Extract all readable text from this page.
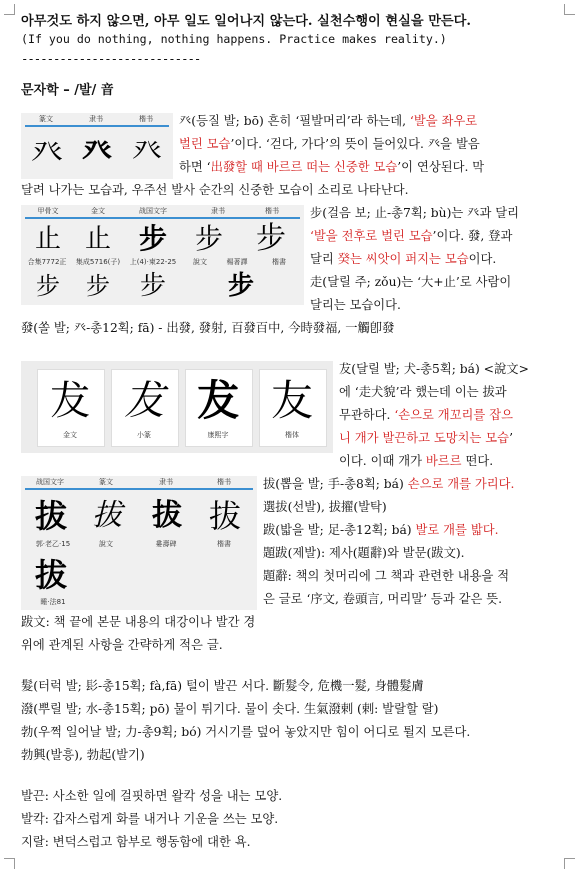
아무것도 하지 않으면, 아무 일도 일어나지 않는다. 실천수행이 현실을 만든다.
(If you do nothing, nothing happens. Practice makes reality.)
----------------------------
문자학 – /발/ 音
篆文	隶书	楷书
癶 癶 癶
癶(등질 발; bō) 흔히 ‘필발머리’라 하는데, ‘발을 좌우로
벌린 모습’이다. ‘걷다, 가다’의 뜻이 들어있다. 癶을 발음
하면 ‘出發할 때 바르르 떠는 신중한 모습’이 연상된다. 막
달려 나가는 모습과, 우주선 발사 순간의 신중한 모습이 소리로 나타난다.
甲骨文	金文	战国文字	隶书	楷书
止 止 步 步 步
合集7772正	集成5716(子)	上(4)·柬22-25	說文	楊著譯	楷書
步 步 步 步
步(걸음 보; 止-총7획; bù)는 癶과 달리
‘발을 전후로 벌린 모습’이다. 發, 登과
달리 癸는 씨앗이 퍼지는 모습이다.
走(달릴 주; zǒu)는 ‘大+止’로 사람이
달리는 모습이다.
發(쏠 발; 癶-총12획; fā) - 出發, 發射, 百發百中, 今時發福, 一觸卽發
犮 犮 犮 友
金文	小篆	康熙字	楷体
犮(달릴 발; 犬-총5획; bá) <說文>
에 ‘走犬貌’라 했는데 이는 拔과
무관하다. ‘손으로 개꼬리를 잡으
니 개가 발끈하고 도망치는 모습’
이다. 이때 개가 바르르 떤다.
战国文字	篆文	隶书	楷书
拔 拔	拔 拔
郭·老乙·15	說文	婁壽碑	楷書
拔
睡·法81
拔(뽑을 발; 手-총8획; bá) 손으로 개를 가리다.
選拔(선발), 拔擢(발탁)
跋(밟을 발; 足-총12획; bá) 발로 개를 밟다.
題跋(제발): 제사(題辭)와 발문(跋文).
題辭: 책의 첫머리에 그 책과 관련한 내용을 적
은 글로 ‘序文, 卷頭言, 머리말’ 등과 같은 뜻.
跋文: 책 끝에 본문 내용의 대강이나 발간 경
위에 관계된 사항을 간략하게 적은 글.
髮(터럭 발; 髟-총15획; fà,fā) 털이 발끈 서다. 斷髮令, 危機一髮, 身體髮膚
潑(뿌릴 발; 水-총15획; pō) 물이 튀기다. 물이 솟다. 生氣潑剌 (剌: 발랄할 랄)
勃(우쩍 일어날 발; 力-총9획; bó) 거시기를 덮어 놓았지만 힘이 어디로 튈지 모른다.
勃興(발흥), 勃起(발기)
발끈: 사소한 일에 걸핏하면 왈칵 성을 내는 모양.
발칵: 갑자스럽게 화를 내거나 기운을 쓰는 모양.
지랄: 변덕스럽고 함부로 행동함에 대한 욕.
